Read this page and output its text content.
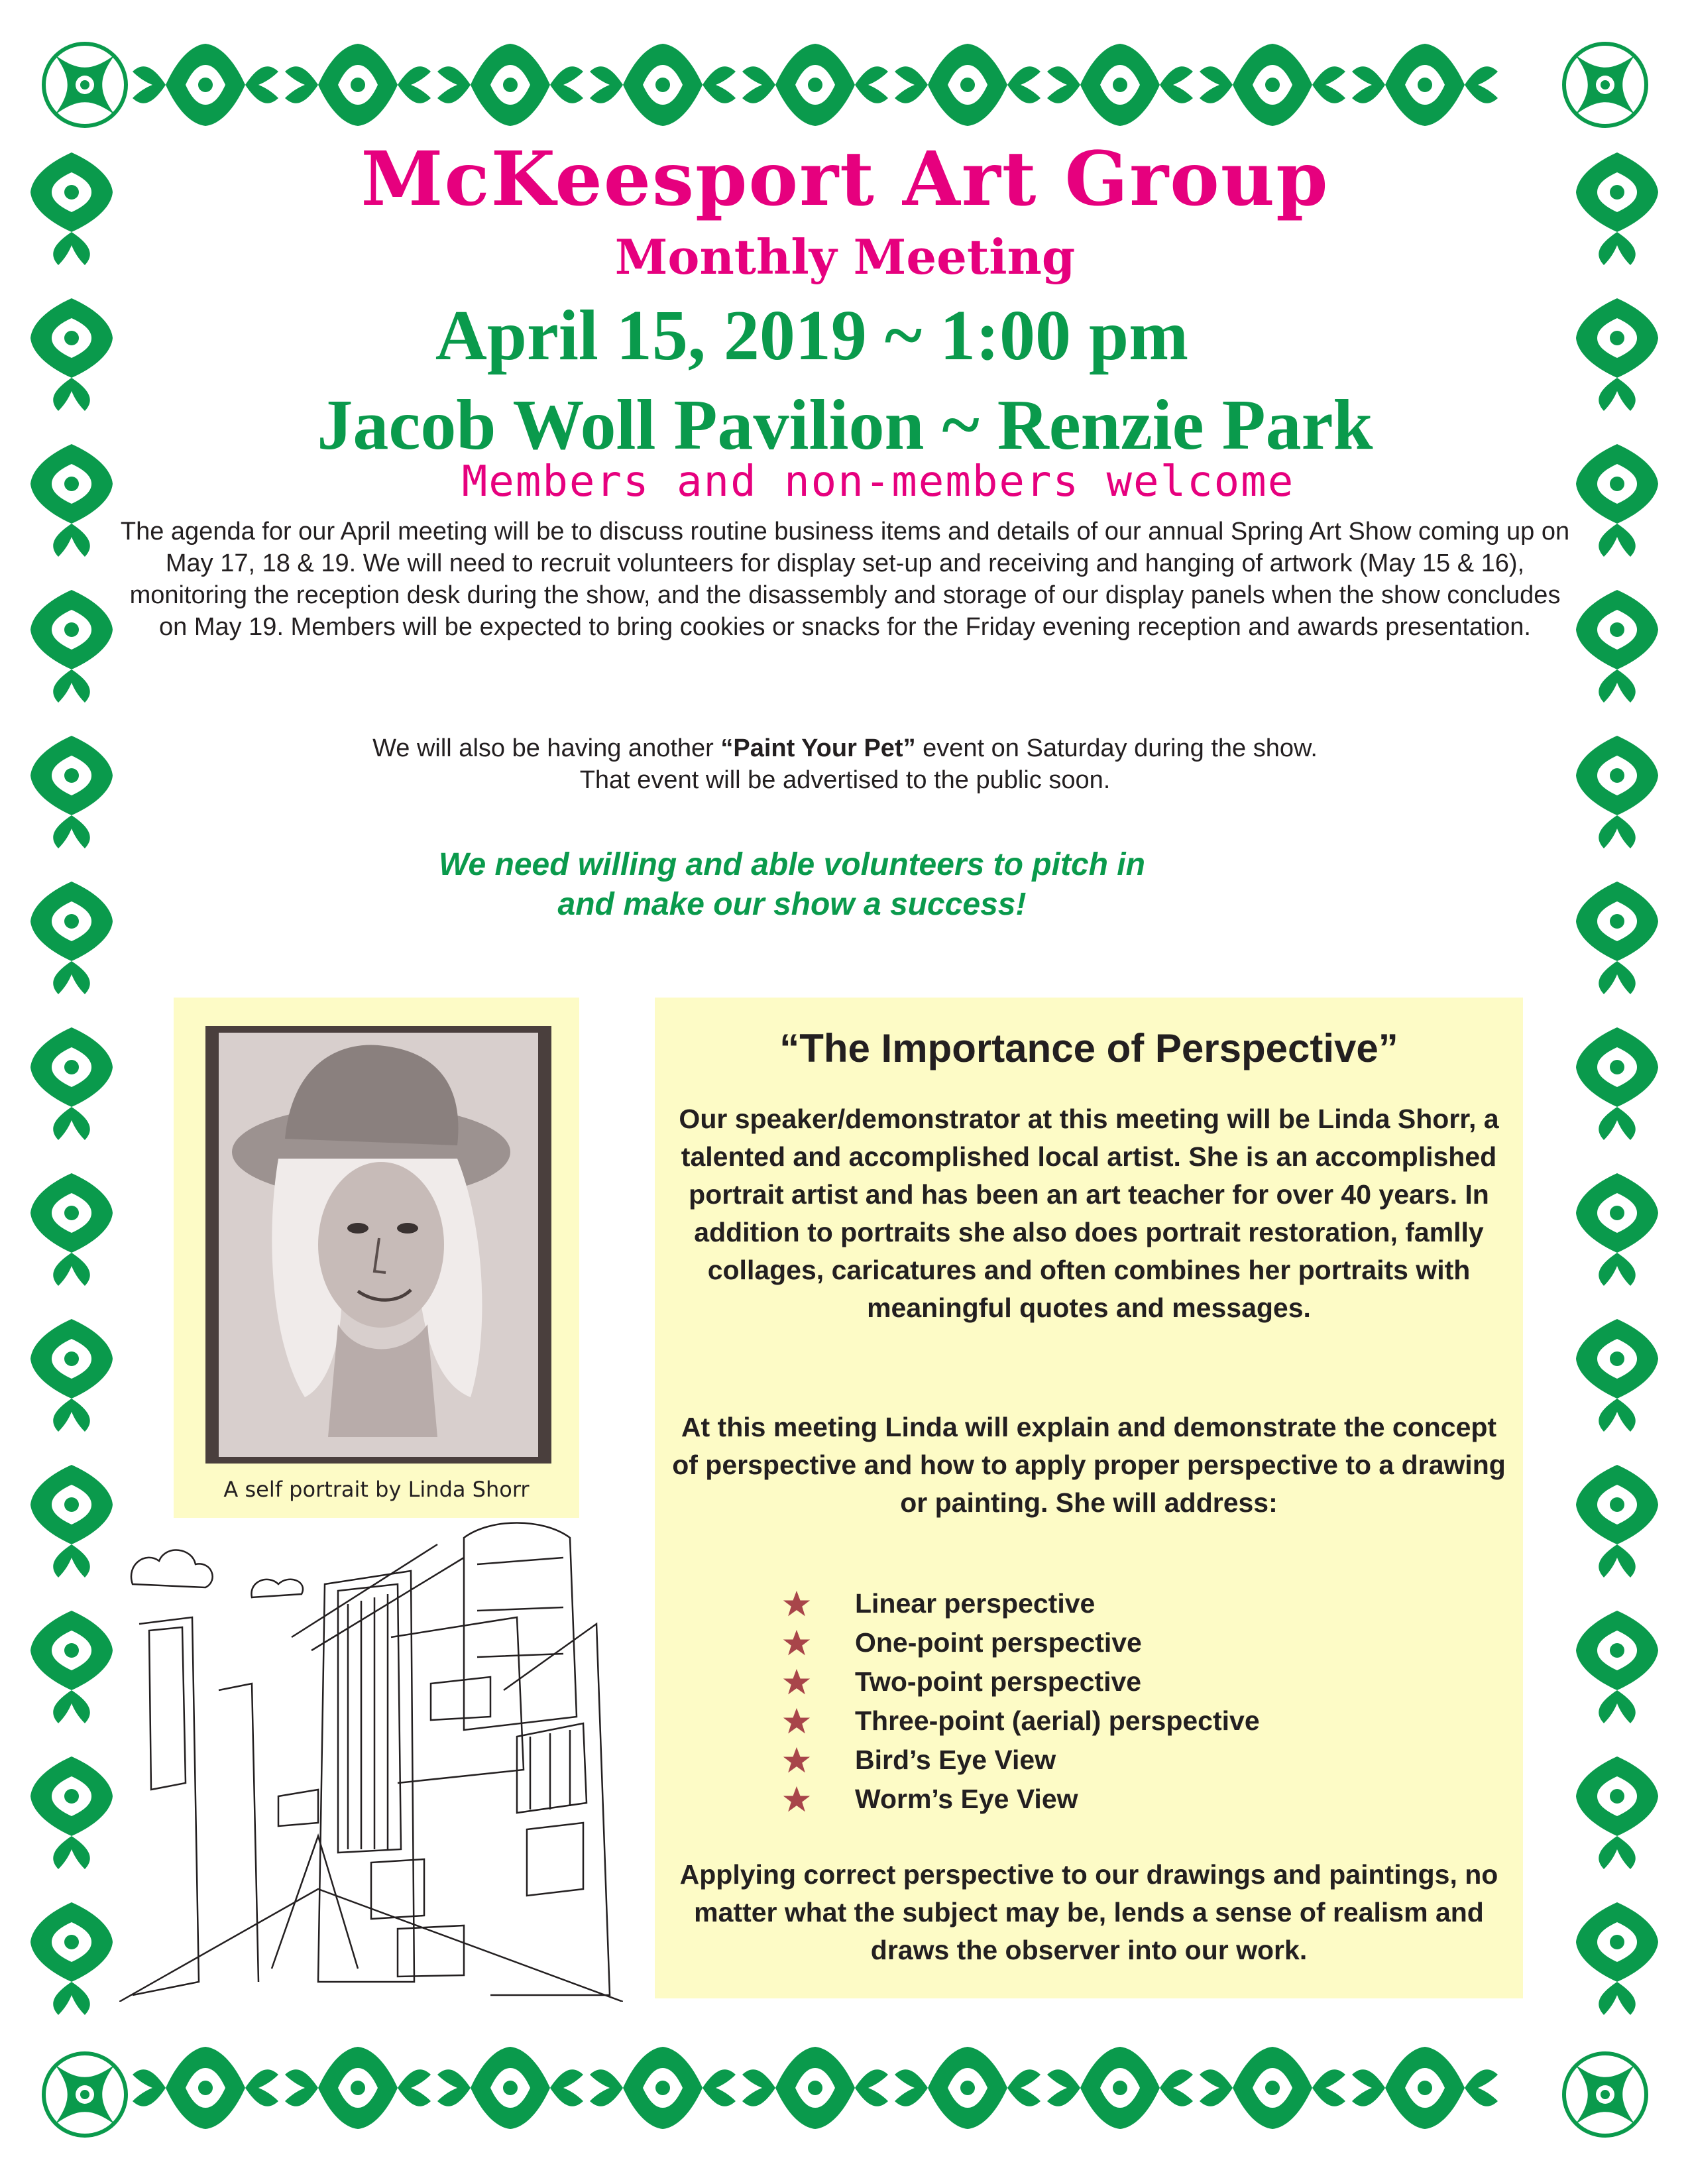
McKeesport Art Group
Monthly Meeting
April 15, 2019 ~ 1:00 pm
Jacob Woll Pavilion ~ Renzie Park
Members and non-members welcome
The agenda for our April meeting will be to discuss routine business items and details of our annual Spring Art Show coming up on May 17, 18 & 19. We will need to recruit volunteers for display set-up and receiving and hanging of artwork (May 15 & 16), monitoring the reception desk during the show, and the disassembly and storage of our display panels when the show concludes on May 19. Members will be expected to bring cookies or snacks for the Friday evening reception and awards presentation.
We will also be having another “Paint Your Pet” event on Saturday during the show.
That event will be advertised to the public soon.
We need willing and able volunteers to pitch in
and make our show a success!
A self portrait by Linda Shorr
“The Importance of Perspective”
Our speaker/demonstrator at this meeting will be Linda Shorr, a talented and accomplished local artist. She is an accomplished portrait artist and has been an art teacher for over 40 years. In addition to portraits she also does portrait restoration, famlly collages, caricatures and often combines her portraits with meaningful quotes and messages.
At this meeting Linda will explain and demonstrate the concept of perspective and how to apply proper perspective to a drawing or painting. She will address:
Linear perspective
One-point perspective
Two-point perspective
Three-point (aerial) perspective
Bird’s Eye View
Worm’s Eye View
Applying correct perspective to our drawings and paintings, no matter what the subject may be, lends a sense of realism and draws the observer into our work.
